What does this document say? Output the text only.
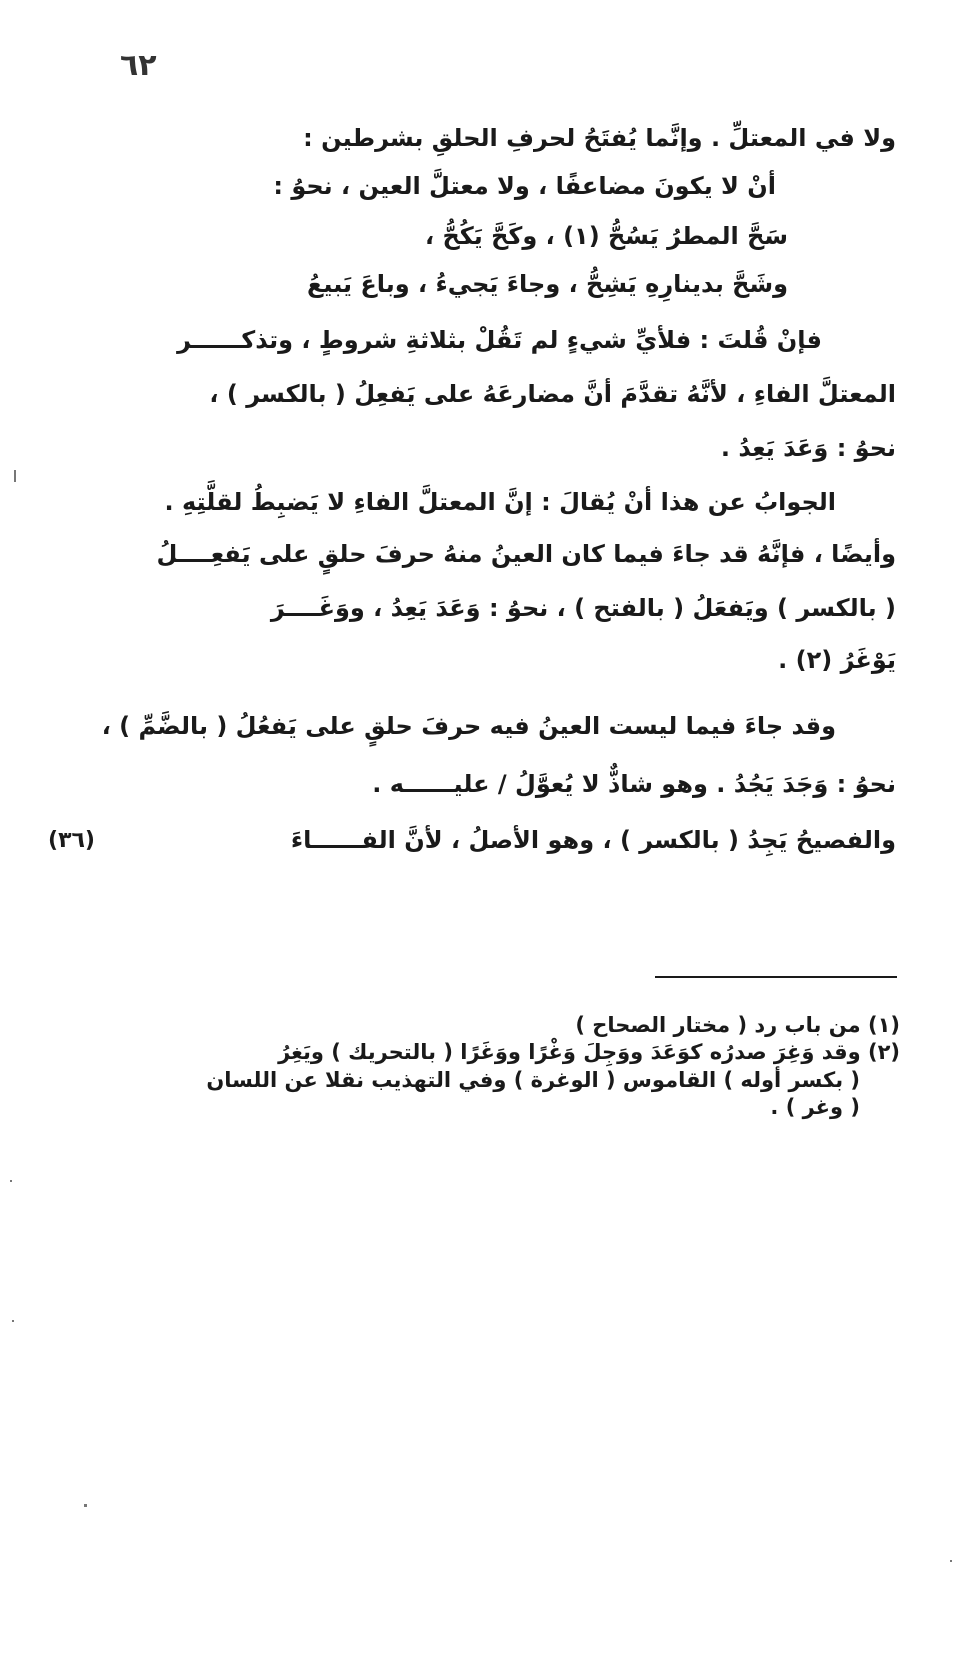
٦٢
ولا في المعتلِّ . وإنَّما يُفتَحُ لحرفِ الحلقِ بشرطين :
أنْ لا يكونَ مضاعفًا ، ولا معتلَّ العين ، نحوُ :
سَحَّ المطرُ يَسُحُّ (١) ، وكَحَّ يَكُحُّ ،
وشَحَّ بدينارِهِ يَشِحُّ ، وجاءَ يَجيءُ ، وباعَ يَبيعُ
فإنْ قُلتَ : فلأيِّ شيءٍ لم تَقُلْ بثلاثةِ شروطٍ ، وتذكــــــر
المعتلَّ الفاءِ ، لأنَّهُ تقدَّمَ أنَّ مضارعَهُ على يَفعِلُ ( بالكسر ) ،
نحوُ : وَعَدَ يَعِدُ .
الجوابُ عن هذا أنْ يُقالَ : إنَّ المعتلَّ الفاءِ لا يَضبِطُ لقلَّتِهِ .
وأيضًا ، فإنَّهُ قد جاءَ فيما كان العينُ منهُ حرفَ حلقٍ على يَفعِــــلُ
( بالكسر ) ويَفعَلُ ( بالفتح ) ، نحوُ : وَعَدَ يَعِدُ ، ووَغَــــرَ
يَوْغَرُ (٢) .
وقد جاءَ فيما ليست العينُ فيه حرفَ حلقٍ على يَفعُلُ ( بالضَّمِّ ) ،
نحوُ : وَجَدَ يَجُدُ . وهو شاذٌّ لا يُعوَّلُ / عليــــــه .
والفصيحُ يَجِدُ ( بالكسر ) ، وهو الأصلُ ، لأنَّ الفــــــاءَ
(٣٦)
(١) من باب رد ( مختار الصحاح )
(٢) وقد وَغِرَ صدرُه كوَعَدَ ووَجِلَ وَغْرًا ووَغَرًا ( بالتحريك ) ويَغِرُ
( بكسر أوله ) القاموس ( الوغرة ) وفي التهذيب نقلا عن اللسان
( وغر ) .
